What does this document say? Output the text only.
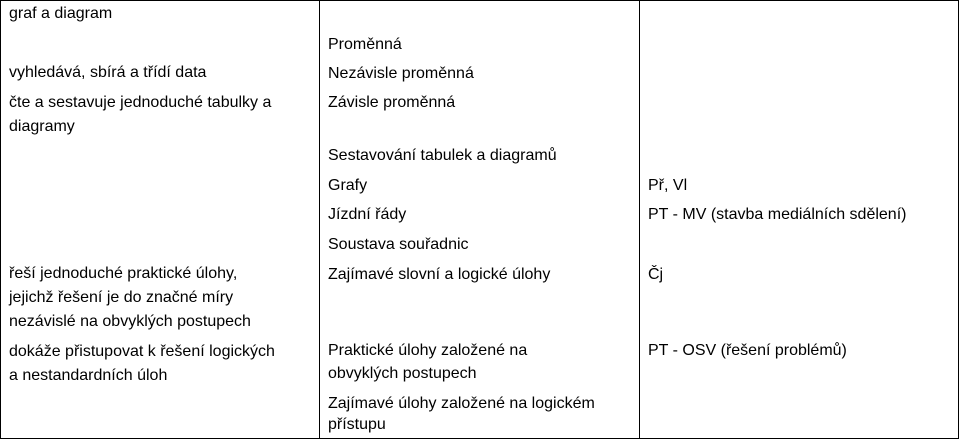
graf a diagram

vyhledává, sbírá a třídí data

čte a sestavuje jednoduché tabulky a

diagramy

řeší jednoduché praktické úlohy,

jejichž řešení je do značné míry

nezávislé na obvyklých postupech

dokáže přistupovat k řešení logických

a nestandardních úloh

Proměnná

Nezávisle proměnná

Závisle proměnná

Sestavování tabulek a diagramů

Grafy

Jízdní řády

Soustava souřadnic

Zajímavé slovní a logické úlohy

Praktické úlohy založené na

obvyklých postupech

Zajímavé úlohy založené na logickém

přístupu

Př, Vl

PT - MV (stavba mediálních sdělení)

Čj

PT - OSV (řešení problémů)
